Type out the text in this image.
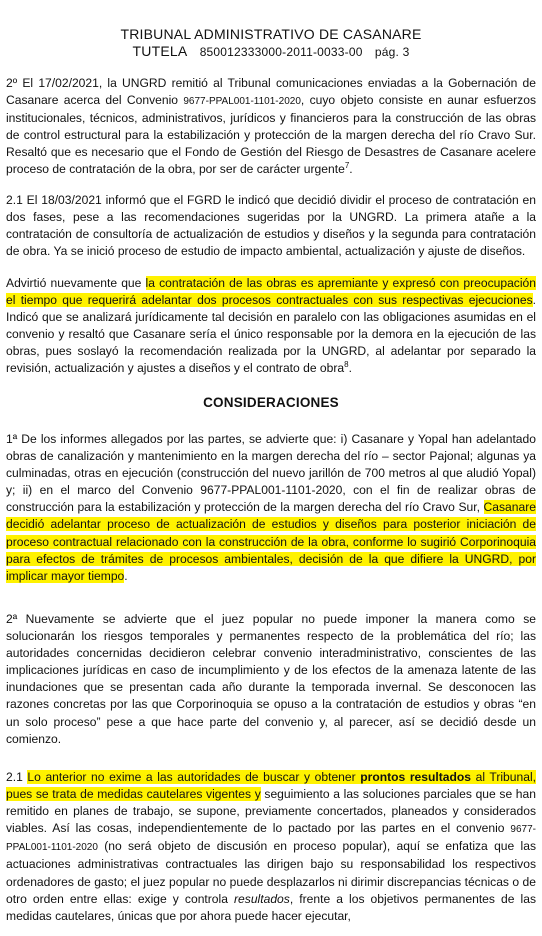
TRIBUNAL ADMINISTRATIVO DE CASANARE
TUTELA 850012333000-2011-0033-00 pág. 3

2º El 17/02/2021, la UNGRD remitió al Tribunal comunicaciones enviadas a la Gobernación de Casanare acerca del Convenio 9677-PPAL001-1101-2020, cuyo objeto consiste en aunar esfuerzos institucionales, técnicos, administrativos, jurídicos y financieros para la construcción de las obras de control estructural para la estabilización y protección de la margen derecha del río Cravo Sur. Resaltó que es necesario que el Fondo de Gestión del Riesgo de Desastres de Casanare acelere proceso de contratación de la obra, por ser de carácter urgente$^7$.

2.1 El 18/03/2021 informó que el FGRD le indicó que decidió dividir el proceso de contratación en dos fases, pese a las recomendaciones sugeridas por la UNGRD. La primera atañe a la contratación de consultoría de actualización de estudios y diseños y la segunda para contratación de obra. Ya se inició proceso de estudio de impacto ambiental, actualización y ajuste de diseños.

Advirtió nuevamente que la contratación de las obras es apremiante y expresó con preocupación el tiempo que requerirá adelantar dos procesos contractuales con sus respectivas ejecuciones. Indicó que se analizará jurídicamente tal decisión en paralelo con las obligaciones asumidas en el convenio y resaltó que Casanare sería el único responsable por la demora en la ejecución de las obras, pues soslayó la recomendación realizada por la UNGRD, al adelantar por separado la revisión, actualización y ajustes a diseños y el contrato de obra$^8$.

CONSIDERACIONES

1ª De los informes allegados por las partes, se advierte que: i) Casanare y Yopal han adelantado obras de canalización y mantenimiento en la margen derecha del río – sector Pajonal; algunas ya culminadas, otras en ejecución (construcción del nuevo jarillón de 700 metros al que aludió Yopal) y; ii) en el marco del Convenio 9677-PPAL001-1101-2020, con el fin de realizar obras de construcción para la estabilización y protección de la margen derecha del río Cravo Sur, Casanare decidió adelantar proceso de actualización de estudios y diseños para posterior iniciación de proceso contractual relacionado con la construcción de la obra, conforme lo sugirió Corporinoquia para efectos de trámites de procesos ambientales, decisión de la que difiere la UNGRD, por implicar mayor tiempo.

2ª Nuevamente se advierte que el juez popular no puede imponer la manera como se solucionarán los riesgos temporales y permanentes respecto de la problemática del río; las autoridades concernidas decidieron celebrar convenio interadministrativo, conscientes de las implicaciones jurídicas en caso de incumplimiento y de los efectos de la amenaza latente de las inundaciones que se presentan cada año durante la temporada invernal. Se desconocen las razones concretas por las que Corporinoquia se opuso a la contratación de estudios y obras “en un solo proceso” pese a que hace parte del convenio y, al parecer, así se decidió desde un comienzo.

2.1 Lo anterior no exime a las autoridades de buscar y obtener prontos resultados al Tribunal, pues se trata de medidas cautelares vigentes y seguimiento a las soluciones parciales que se han remitido en planes de trabajo, se supone, previamente concertados, planeados y considerados viables. Así las cosas, independientemente de lo pactado por las partes en el convenio 9677-PPAL001-1101-2020 (no será objeto de discusión en proceso popular), aquí se enfatiza que las actuaciones administrativas contractuales las dirigen bajo su responsabilidad los respectivos ordenadores de gasto; el juez popular no puede desplazarlos ni dirimir discrepancias técnicas o de otro orden entre ellas: exige y controla resultados, frente a los objetivos permanentes de las medidas cautelares, únicas que por ahora puede hacer ejecutar,
